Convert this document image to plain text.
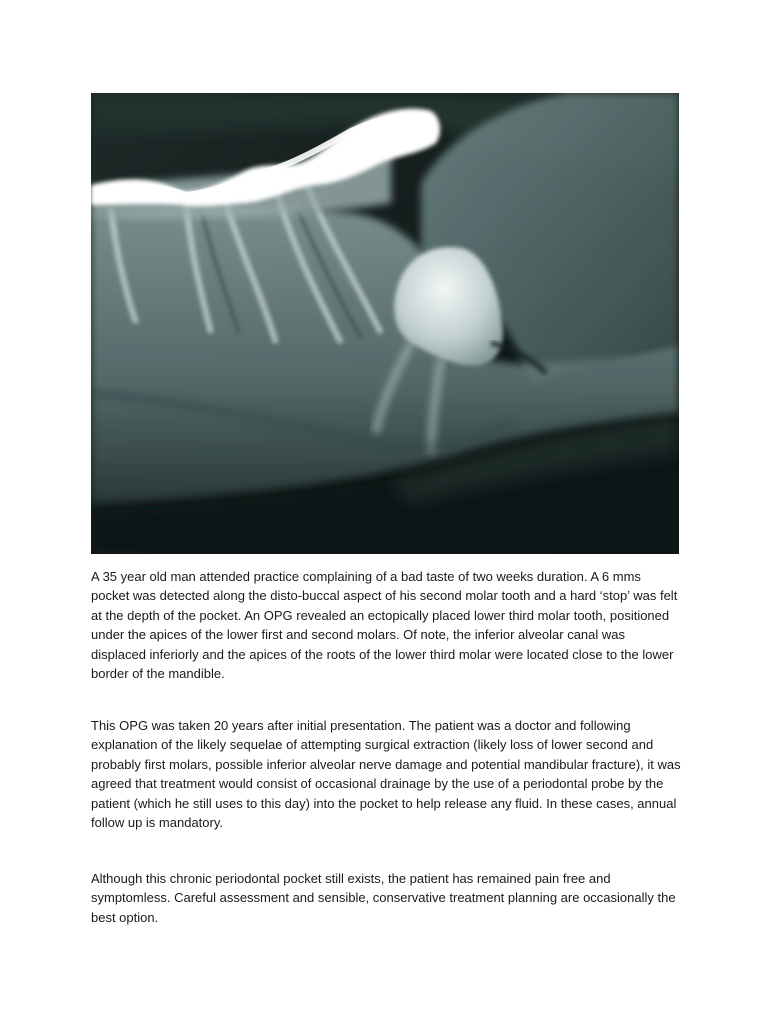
A 35 year old man attended practice complaining of a bad taste of two weeks duration. A 6 mms pocket was detected along the disto-buccal aspect of his second molar tooth and a hard ‘stop’ was felt at the depth of the pocket. An OPG revealed an ectopically placed lower third molar tooth, positioned under the apices of the lower first and second molars. Of note, the inferior alveolar canal was displaced inferiorly and the apices of the roots of the lower third molar were located close to the lower border of the mandible.

This OPG was taken 20 years after initial presentation. The patient was a doctor and following explanation of the likely sequelae of attempting surgical extraction (likely loss of lower second and probably first molars, possible inferior alveolar nerve damage and potential mandibular fracture), it was agreed that treatment would consist of occasional drainage by the use of a periodontal probe by the patient (which he still uses to this day) into the pocket to help release any fluid. In these cases, annual follow up is mandatory.

Although this chronic periodontal pocket still exists, the patient has remained pain free and symptomless. Careful assessment and sensible, conservative treatment planning are occasionally the best option.
